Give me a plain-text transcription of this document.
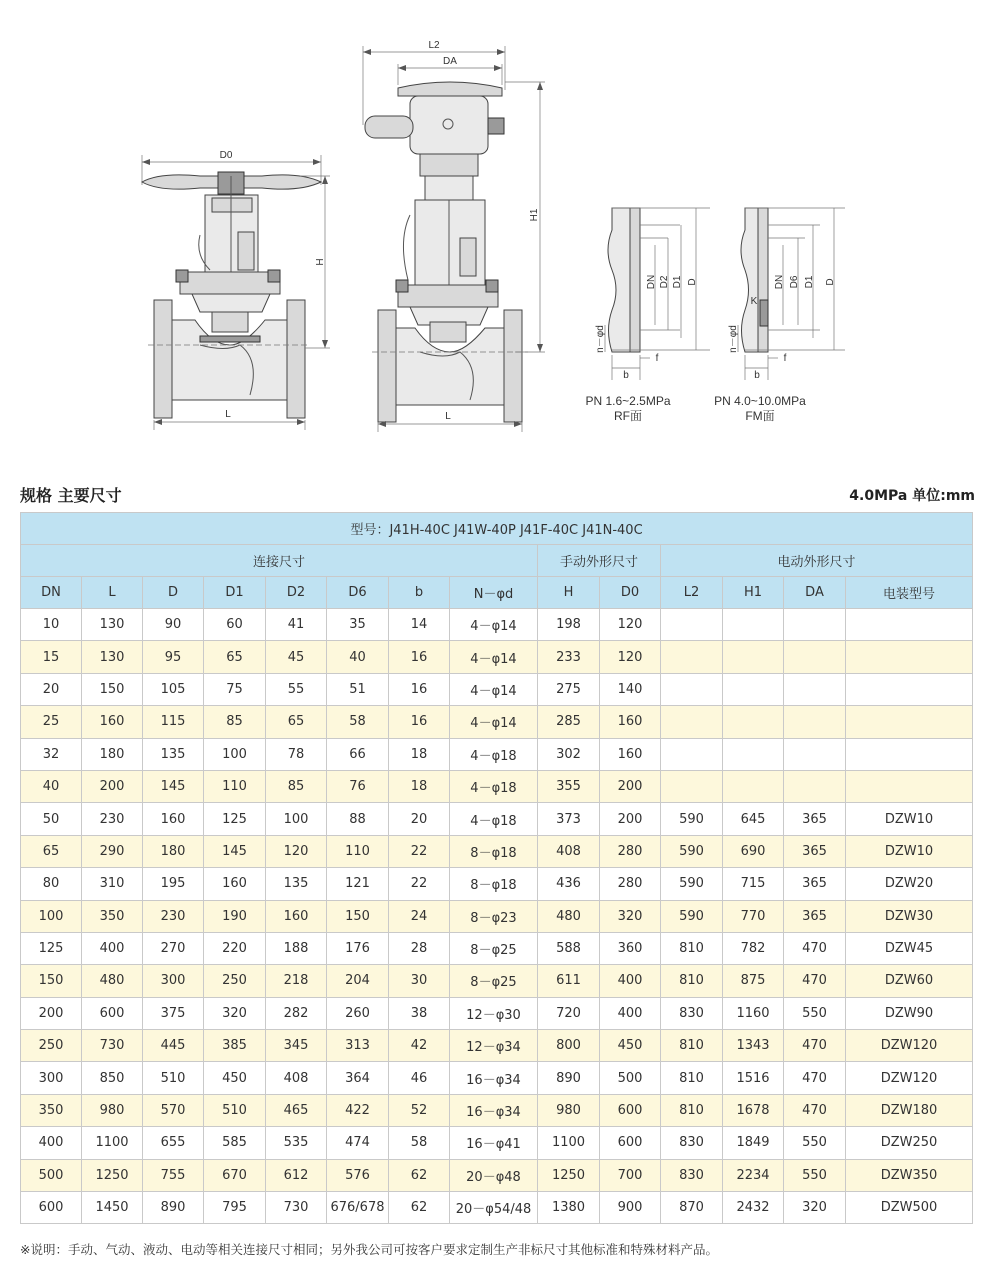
D0
H
L
L2
DA
H1
L
DN D2 D1 D
n－φd
b
f
PN 1.6~2.5MPa
RF面
DN D6 D1 D
K
n－φd
b
f
PN 4.0~10.0MPa
FM面
规格 主要尺寸	4.0MPa 单位:mm
型号：J41H-40C J41W-40P J41F-40C J41N-40C													
连接尺寸								手动外形尺寸		电动外形尺寸			
DN	L	D	D1	D2	D6	b	N－φd	H	D0	L2	H1	DA	电装型号
10	130	90	60	41	35	14	4－φ14	198	120				
15	130	95	65	45	40	16	4－φ14	233	120				
20	150	105	75	55	51	16	4－φ14	275	140				
25	160	115	85	65	58	16	4－φ14	285	160				
32	180	135	100	78	66	18	4－φ18	302	160				
40	200	145	110	85	76	18	4－φ18	355	200				
50	230	160	125	100	88	20	4－φ18	373	200	590	645	365	DZW10
65	290	180	145	120	110	22	8－φ18	408	280	590	690	365	DZW10
80	310	195	160	135	121	22	8－φ18	436	280	590	715	365	DZW20
100	350	230	190	160	150	24	8－φ23	480	320	590	770	365	DZW30
125	400	270	220	188	176	28	8－φ25	588	360	810	782	470	DZW45
150	480	300	250	218	204	30	8－φ25	611	400	810	875	470	DZW60
200	600	375	320	282	260	38	12－φ30	720	400	830	1160	550	DZW90
250	730	445	385	345	313	42	12－φ34	800	450	810	1343	470	DZW120
300	850	510	450	408	364	46	16－φ34	890	500	810	1516	470	DZW120
350	980	570	510	465	422	52	16－φ34	980	600	810	1678	470	DZW180
400	1100	655	585	535	474	58	16－φ41	1100	600	830	1849	550	DZW250
500	1250	755	670	612	576	62	20－φ48	1250	700	830	2234	550	DZW350
600	1450	890	795	730	676/678	62	20－φ54/48	1380	900	870	2432	320	DZW500
※说明：手动、气动、液动、电动等相关连接尺寸相同；另外我公司可按客户要求定制生产非标尺寸其他标准和特殊材料产品。
